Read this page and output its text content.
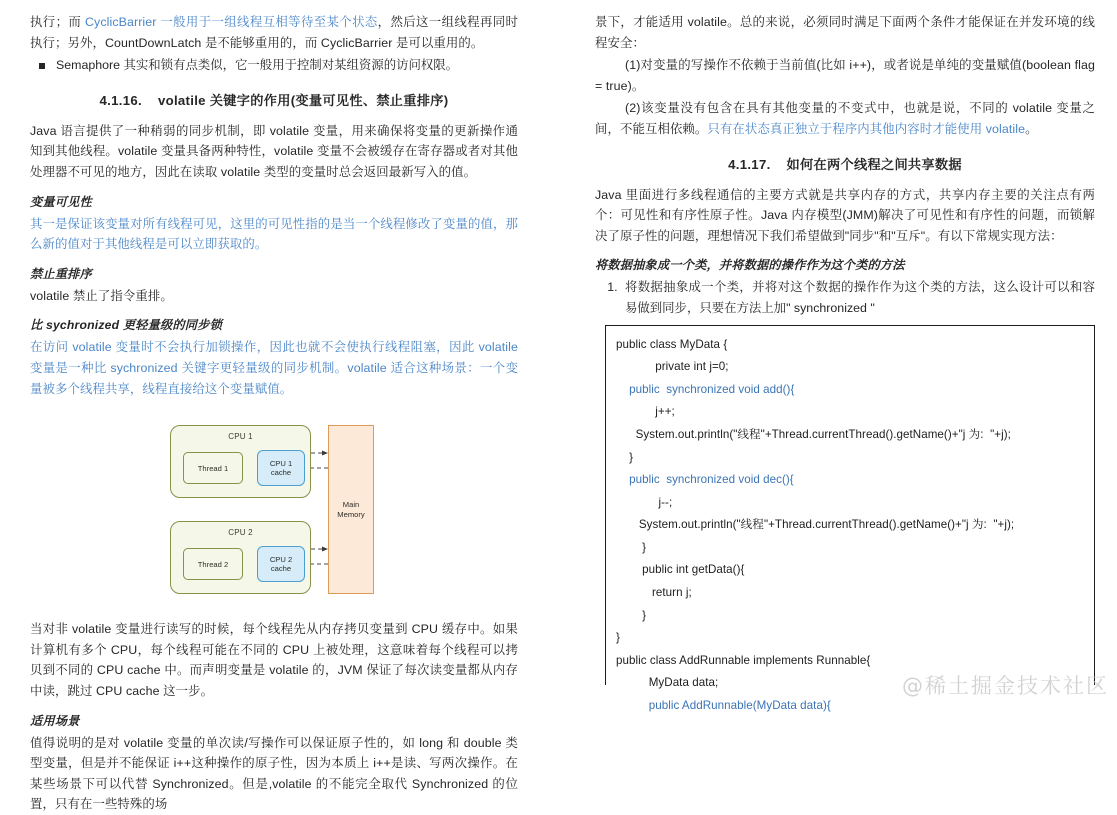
执行；而 CyclicBarrier 一般用于一组线程互相等待至某个状态，然后这一组线程再同时执行；另外，CountDownLatch 是不能够重用的，而 CyclicBarrier 是可以重用的。

Semaphore 其实和锁有点类似，它一般用于控制对某组资源的访问权限。
4.1.16. volatile 关键字的作用(变量可见性、禁止重排序)

Java 语言提供了一种稍弱的同步机制，即 volatile 变量，用来确保将变量的更新操作通知到其他线程。volatile 变量具备两种特性，volatile 变量不会被缓存在寄存器或者对其他处理器不可见的地方，因此在读取 volatile 类型的变量时总会返回最新写入的值。

变量可见性

其一是保证该变量对所有线程可见，这里的可见性指的是当一个线程修改了变量的值，那么新的值对于其他线程是可以立即获取的。

禁止重排序

volatile 禁止了指令重排。

比 sychronized 更轻量级的同步锁

在访问 volatile 变量时不会执行加锁操作，因此也就不会使执行线程阻塞，因此 volatile 变量是一种比 sychronized 关键字更轻量级的同步机制。volatile 适合这种场景：一个变量被多个线程共享，线程直接给这个变量赋值。

CPU 1
Thread 1
CPU 1
cache
CPU 2
Thread 2
CPU 2
cache
Main
Memory

当对非 volatile 变量进行读写的时候，每个线程先从内存拷贝变量到 CPU 缓存中。如果计算机有多个 CPU，每个线程可能在不同的 CPU 上被处理，这意味着每个线程可以拷贝到不同的 CPU cache 中。而声明变量是 volatile 的，JVM 保证了每次读变量都从内存中读，跳过 CPU cache 这一步。

适用场景

值得说明的是对 volatile 变量的单次读/写操作可以保证原子性的，如 long 和 double 类型变量，但是并不能保证 i++这种操作的原子性，因为本质上 i++是读、写两次操作。在某些场景下可以代替 Synchronized。但是,volatile 的不能完全取代 Synchronized 的位置，只有在一些特殊的场

景下，才能适用 volatile。总的来说，必须同时满足下面两个条件才能保证在并发环境的线程安全：

(1)对变量的写操作不依赖于当前值(比如 i++)，或者说是单纯的变量赋值(boolean flag = true)。

(2)该变量没有包含在具有其他变量的不变式中，也就是说，不同的 volatile 变量之间，不能互相依赖。只有在状态真正独立于程序内其他内容时才能使用 volatile。

4.1.17. 如何在两个线程之间共享数据

Java 里面进行多线程通信的主要方式就是共享内存的方式，共享内存主要的关注点有两个：可见性和有序性原子性。Java 内存模型(JMM)解决了可见性和有序性的问题，而锁解决了原子性的问题，理想情况下我们希望做到"同步"和"互斥"。有以下常规实现方法：

将数据抽象成一个类，并将数据的操作作为这个类的方法
1. 将数据抽象成一个类，并将对这个数据的操作作为这个类的方法，这么设计可以和容易做到同步，只要在方法上加" synchronized "
public class MyData {
private int j=0;
public  synchronized void add(){
j++;
System.out.println("线程"+Thread.currentThread().getName()+"j 为:  "+j);
}
public  synchronized void dec(){
j--;
System.out.println("线程"+Thread.currentThread().getName()+"j 为:  "+j);
}
public int getData(){
return j;
}
}
public class AddRunnable implements Runnable{
MyData data;
public AddRunnable(MyData data){
@稀土掘金技术社区
